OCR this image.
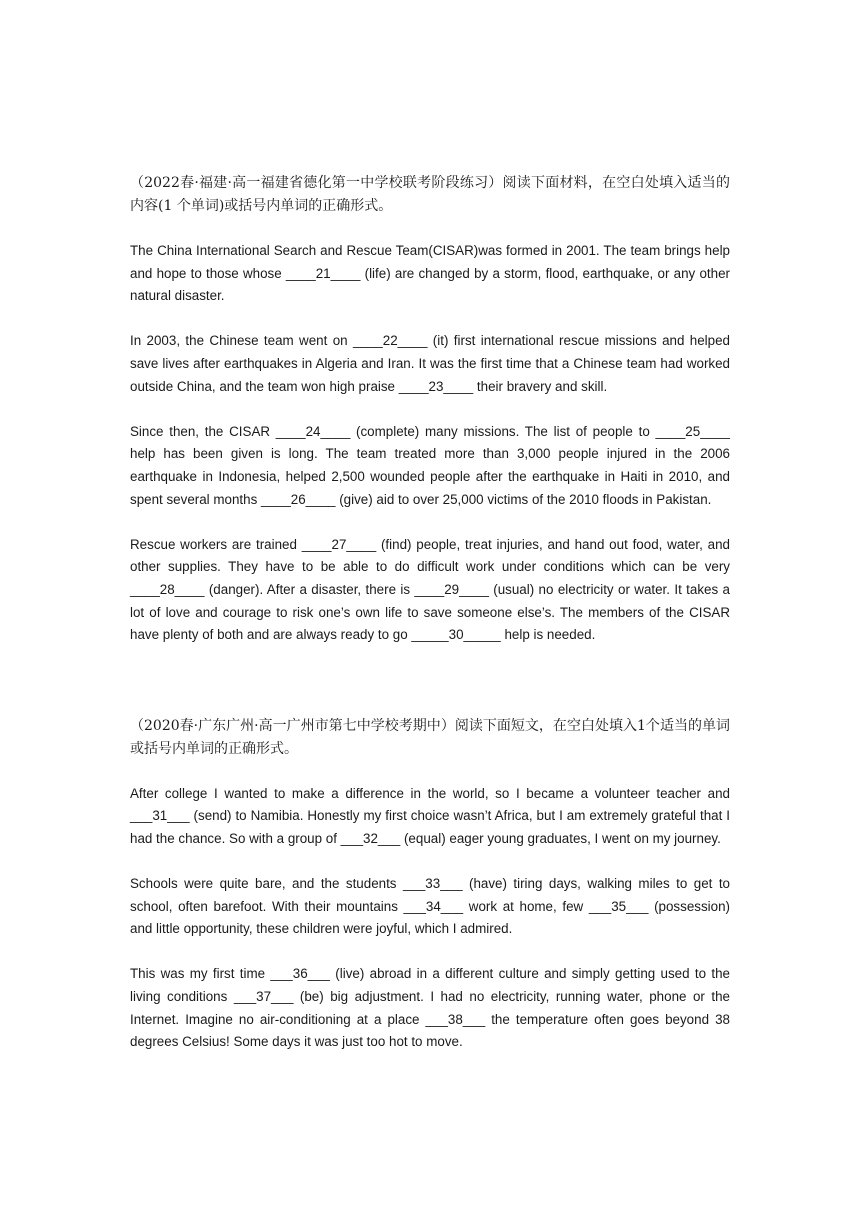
（2022春·福建·高一福建省德化第一中学校联考阶段练习）阅读下面材料，在空白处填入适当的内容(1 个单词)或括号内单词的正确形式。

The China International Search and Rescue Team(CISAR)was formed in 2001. The team brings help and hope to those whose ____21____ (life) are changed by a storm, flood, earthquake, or any other natural disaster.

In 2003, the Chinese team went on ____22____ (it) first international rescue missions and helped save lives after earthquakes in Algeria and Iran. It was the first time that a Chinese team had worked outside China, and the team won high praise ____23____ their bravery and skill.

Since then, the CISAR ____24____ (complete) many missions. The list of people to ____25____ help has been given is long. The team treated more than 3,000 people injured in the 2006 earthquake in Indonesia, helped 2,500 wounded people after the earthquake in Haiti in 2010, and spent several months ____26____ (give) aid to over 25,000 victims of the 2010 floods in Pakistan.

Rescue workers are trained ____27____ (find) people, treat injuries, and hand out food, water, and other supplies. They have to be able to do difficult work under conditions which can be very ____28____ (danger). After a disaster, there is ____29____ (usual) no electricity or water. It takes a lot of love and courage to risk one’s own life to save someone else’s. The members of the CISAR have plenty of both and are always ready to go _____30_____ help is needed.

（2020春·广东广州·高一广州市第七中学校考期中）阅读下面短文，在空白处填入1个适当的单词或括号内单词的正确形式。

After college I wanted to make a difference in the world, so I became a volunteer teacher and ___31___ (send) to Namibia. Honestly my first choice wasn’t Africa, but I am extremely grateful that I had the chance. So with a group of ___32___ (equal) eager young graduates, I went on my journey.

Schools were quite bare, and the students ___33___ (have) tiring days, walking miles to get to school, often barefoot. With their mountains ___34___ work at home, few ___35___ (possession) and little opportunity, these children were joyful, which I admired.

This was my first time ___36___ (live) abroad in a different culture and simply getting used to the living conditions ___37___ (be) big adjustment. I had no electricity, running water, phone or the Internet. Imagine no air-conditioning at a place ___38___ the temperature often goes beyond 38 degrees Celsius! Some days it was just too hot to move.
